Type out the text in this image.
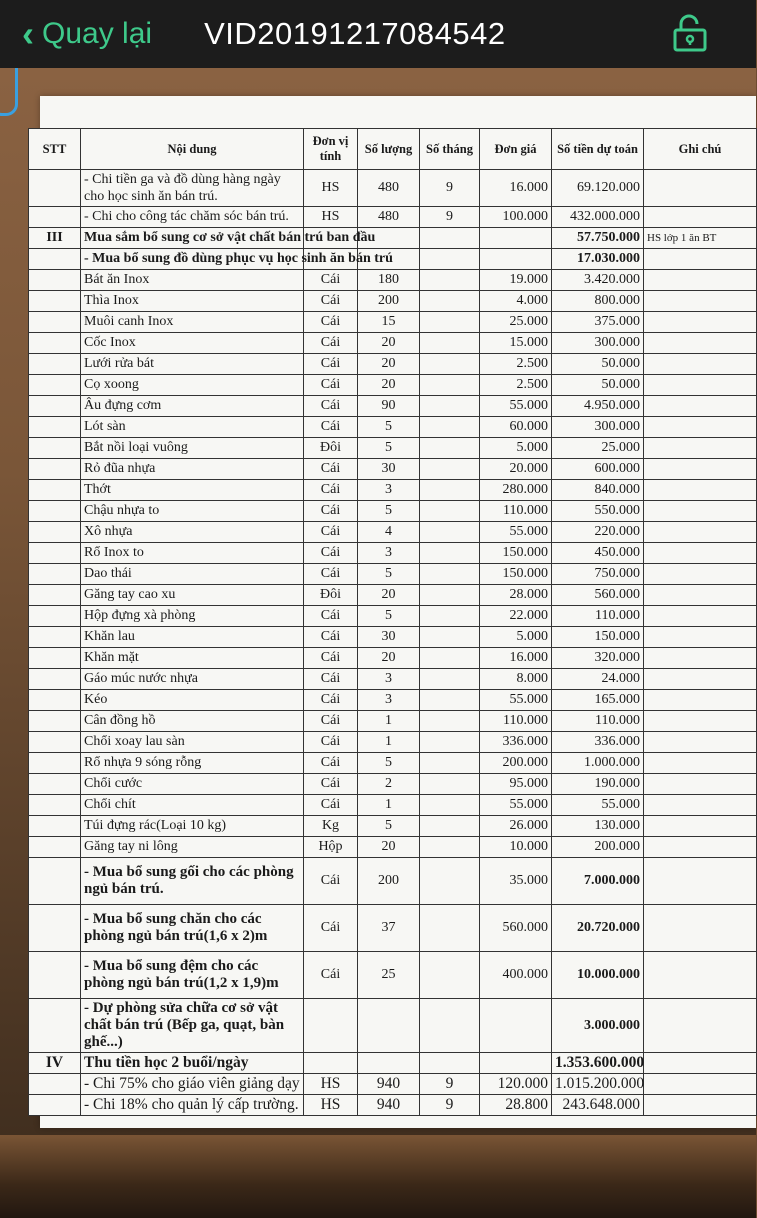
‹ Quay lại VID20191217084542
STT	Nội dung	Đơn vị tính	Số lượng	Số tháng	Đơn giá	Số tiền dự toán	Ghi chú
	- Chi tiền ga và đồ dùng hàng ngày cho học sinh ăn bán trú.	HS	480	9	16.000	69.120.000	
	- Chi cho công tác chăm sóc bán trú.	HS	480	9	100.000	432.000.000	
III	Mua sắm bổ sung cơ sở vật chất bán trú ban đầu					57.750.000	HS lớp 1 ăn BT
	- Mua bổ sung đồ dùng phục vụ học sinh ăn bán trú					17.030.000	
	Bát ăn Inox	Cái	180		19.000	3.420.000	
	Thìa Inox	Cái	200		4.000	800.000	
	Muôi canh Inox	Cái	15		25.000	375.000	
	Cốc Inox	Cái	20		15.000	300.000	
	Lưới rửa bát	Cái	20		2.500	50.000	
	Cọ xoong	Cái	20		2.500	50.000	
	Âu đựng cơm	Cái	90		55.000	4.950.000	
	Lót sàn	Cái	5		60.000	300.000	
	Bắt nồi loại vuông	Đôi	5		5.000	25.000	
	Rỏ đũa nhựa	Cái	30		20.000	600.000	
	Thớt	Cái	3		280.000	840.000	
	Chậu nhựa to	Cái	5		110.000	550.000	
	Xô nhựa	Cái	4		55.000	220.000	
	Rổ Inox to	Cái	3		150.000	450.000	
	Dao thái	Cái	5		150.000	750.000	
	Găng tay cao xu	Đôi	20		28.000	560.000	
	Hộp đựng xà phòng	Cái	5		22.000	110.000	
	Khăn lau	Cái	30		5.000	150.000	
	Khăn mặt	Cái	20		16.000	320.000	
	Gáo múc nước nhựa	Cái	3		8.000	24.000	
	Kéo	Cái	3		55.000	165.000	
	Cân đồng hồ	Cái	1		110.000	110.000	
	Chổi xoay lau sàn	Cái	1		336.000	336.000	
	Rổ nhựa 9 sóng rỗng	Cái	5		200.000	1.000.000	
	Chổi cước	Cái	2		95.000	190.000	
	Chổi chít	Cái	1		55.000	55.000	
	Túi đựng rác(Loại 10 kg)	Kg	5		26.000	130.000	
	Găng tay ni lông	Hộp	20		10.000	200.000	
	- Mua bổ sung gối cho các phòng ngủ bán trú.	Cái	200		35.000	7.000.000	
	- Mua bổ sung chăn cho các phòng ngủ bán trú(1,6 x 2)m	Cái	37		560.000	20.720.000	
	- Mua bổ sung đệm cho các phòng ngủ bán trú(1,2 x 1,9)m	Cái	25		400.000	10.000.000	
	- Dự phòng sửa chữa cơ sở vật chất bán trú (Bếp ga, quạt, bàn ghế...)					3.000.000	
IV	Thu tiền học 2 buổi/ngày					1.353.600.000	
	- Chi 75% cho giáo viên giảng dạy	HS	940	9	120.000	1.015.200.000	
	- Chi 18% cho quản lý cấp trường.	HS	940	9	28.800	243.648.000	
